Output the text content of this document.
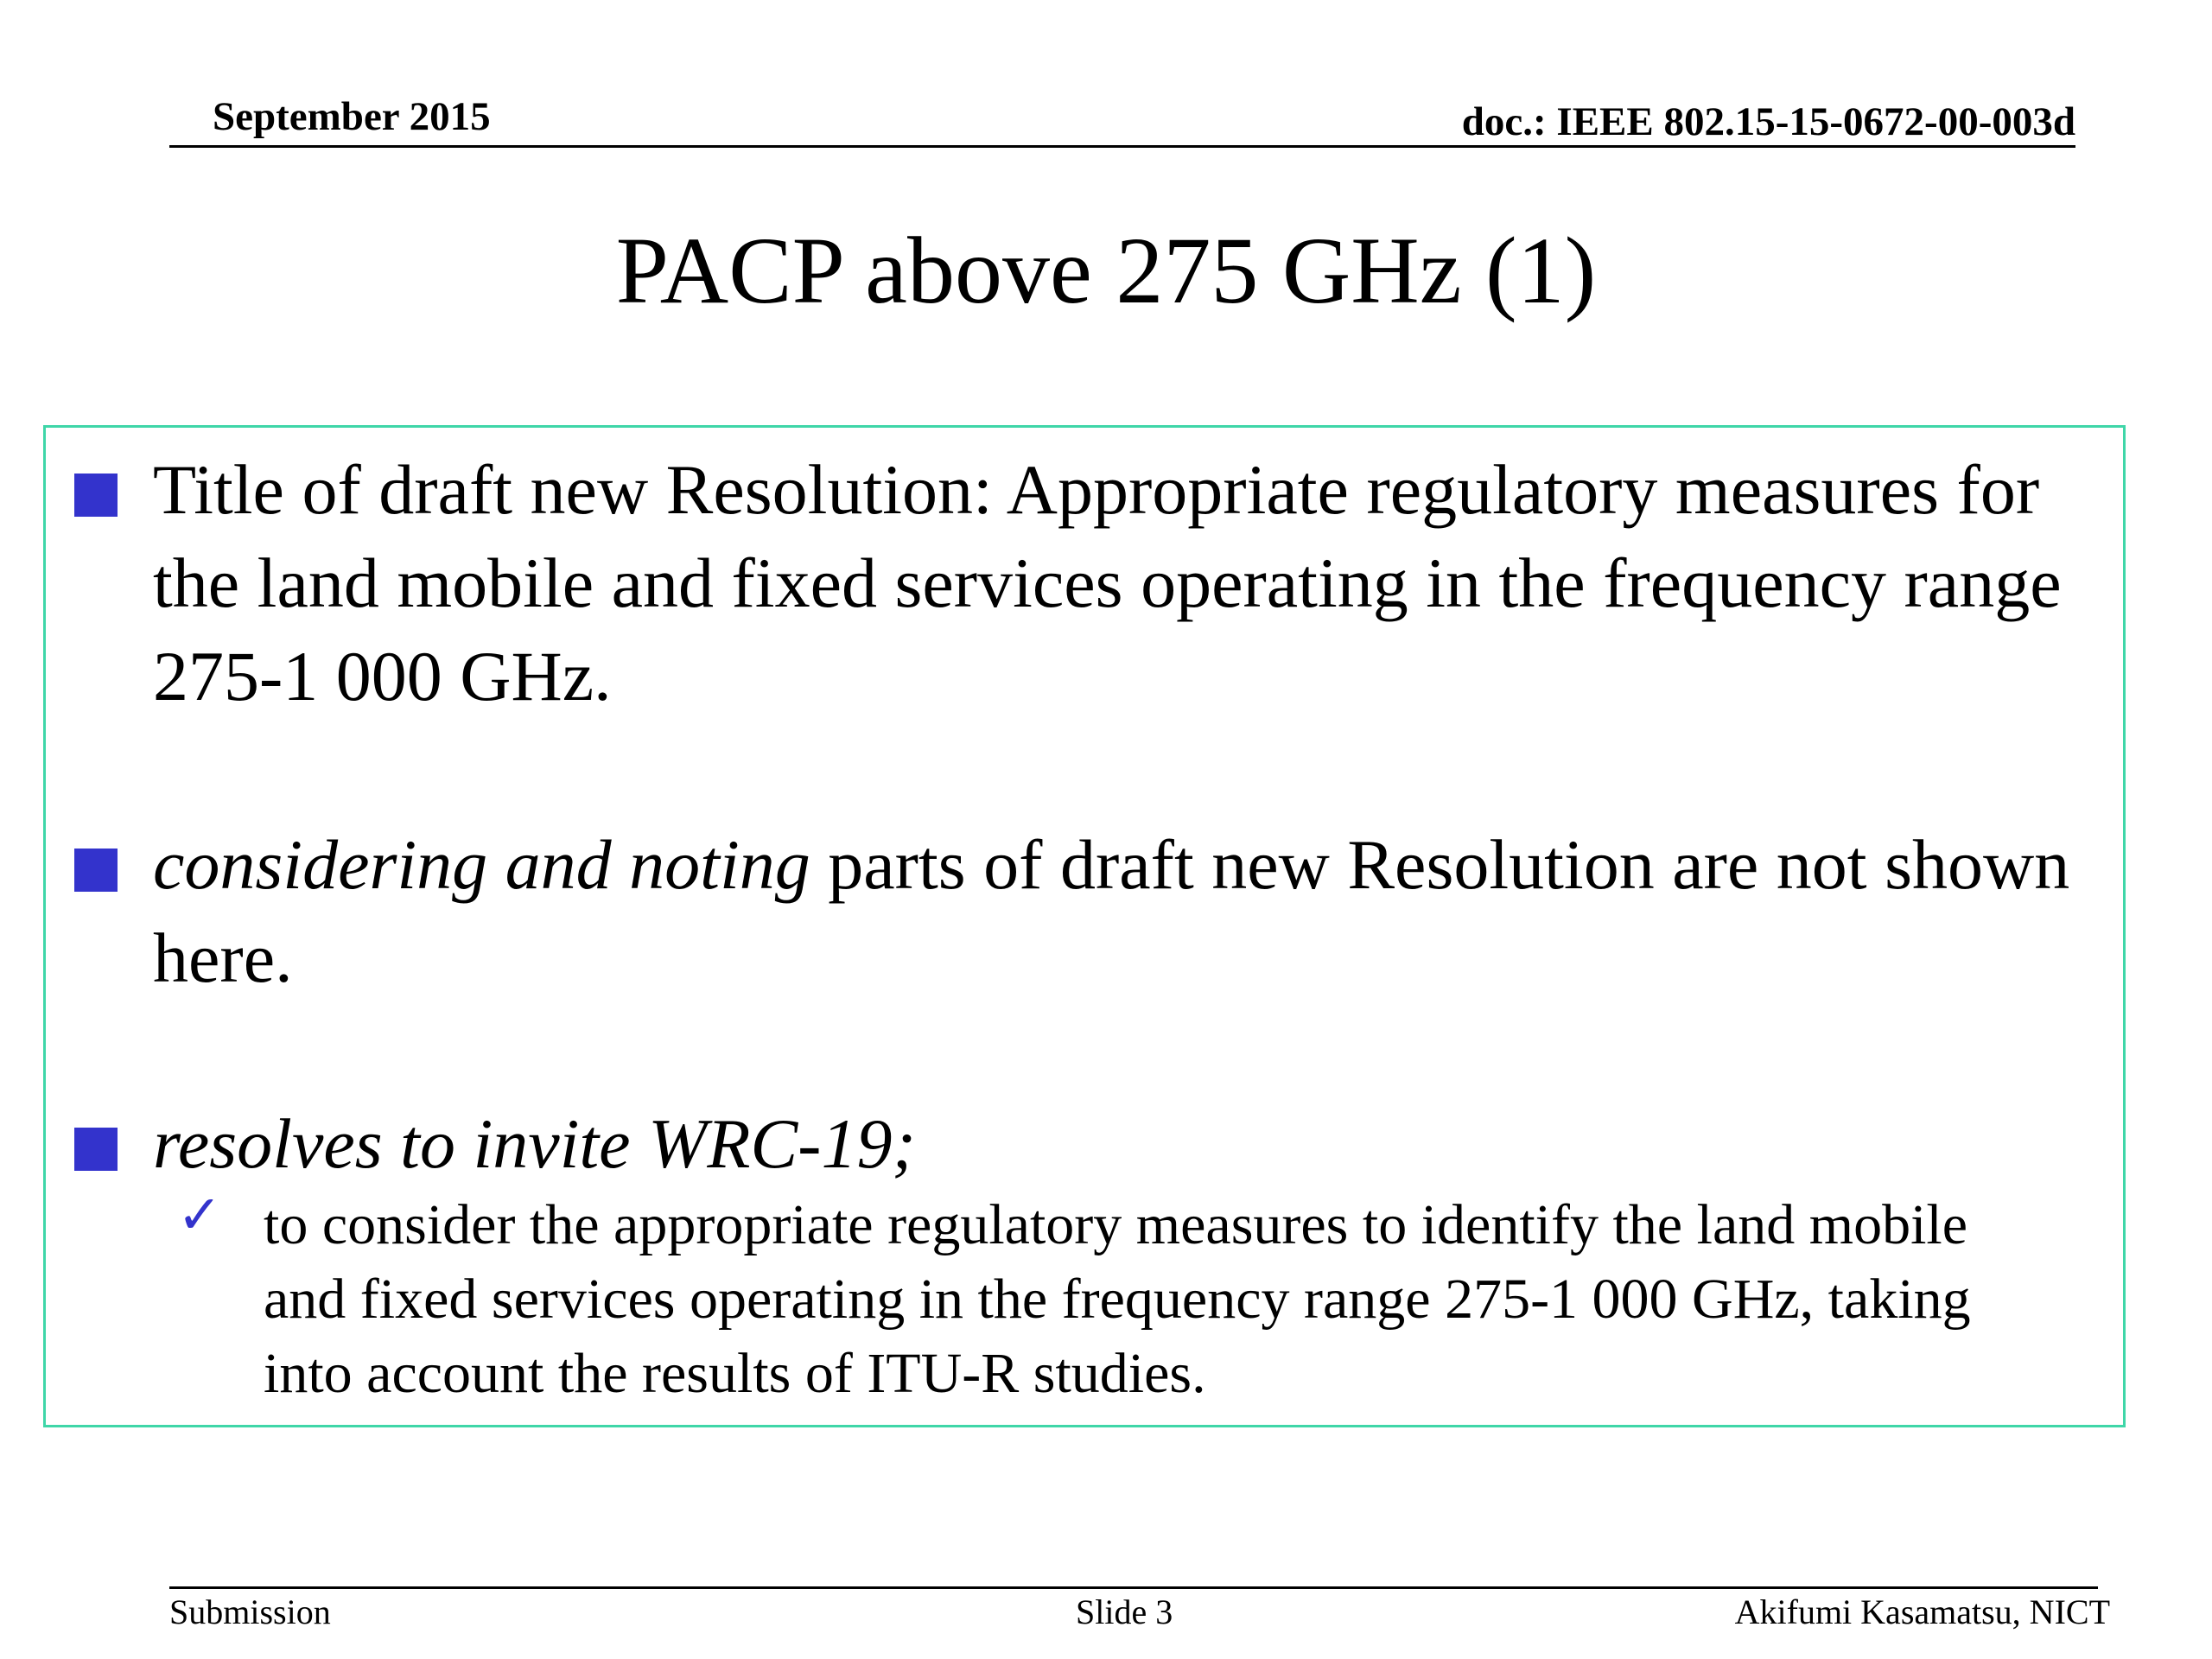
September 2015	doc.: IEEE 802.15-15-0672-00-003d
PACP above 275 GHz (1)
Title of draft new Resolution: Appropriate regulatory measures for the land mobile and fixed services operating in the frequency range 275-1 000 GHz.
considering and noting parts of draft new Resolution are not shown here.
resolves to invite WRC-19;
✓ to consider the appropriate regulatory measures to identify the land mobile and fixed services operating in the frequency range 275-1 000 GHz, taking into account the results of ITU-R studies.
Submission	Slide 3	Akifumi Kasamatsu, NICT
